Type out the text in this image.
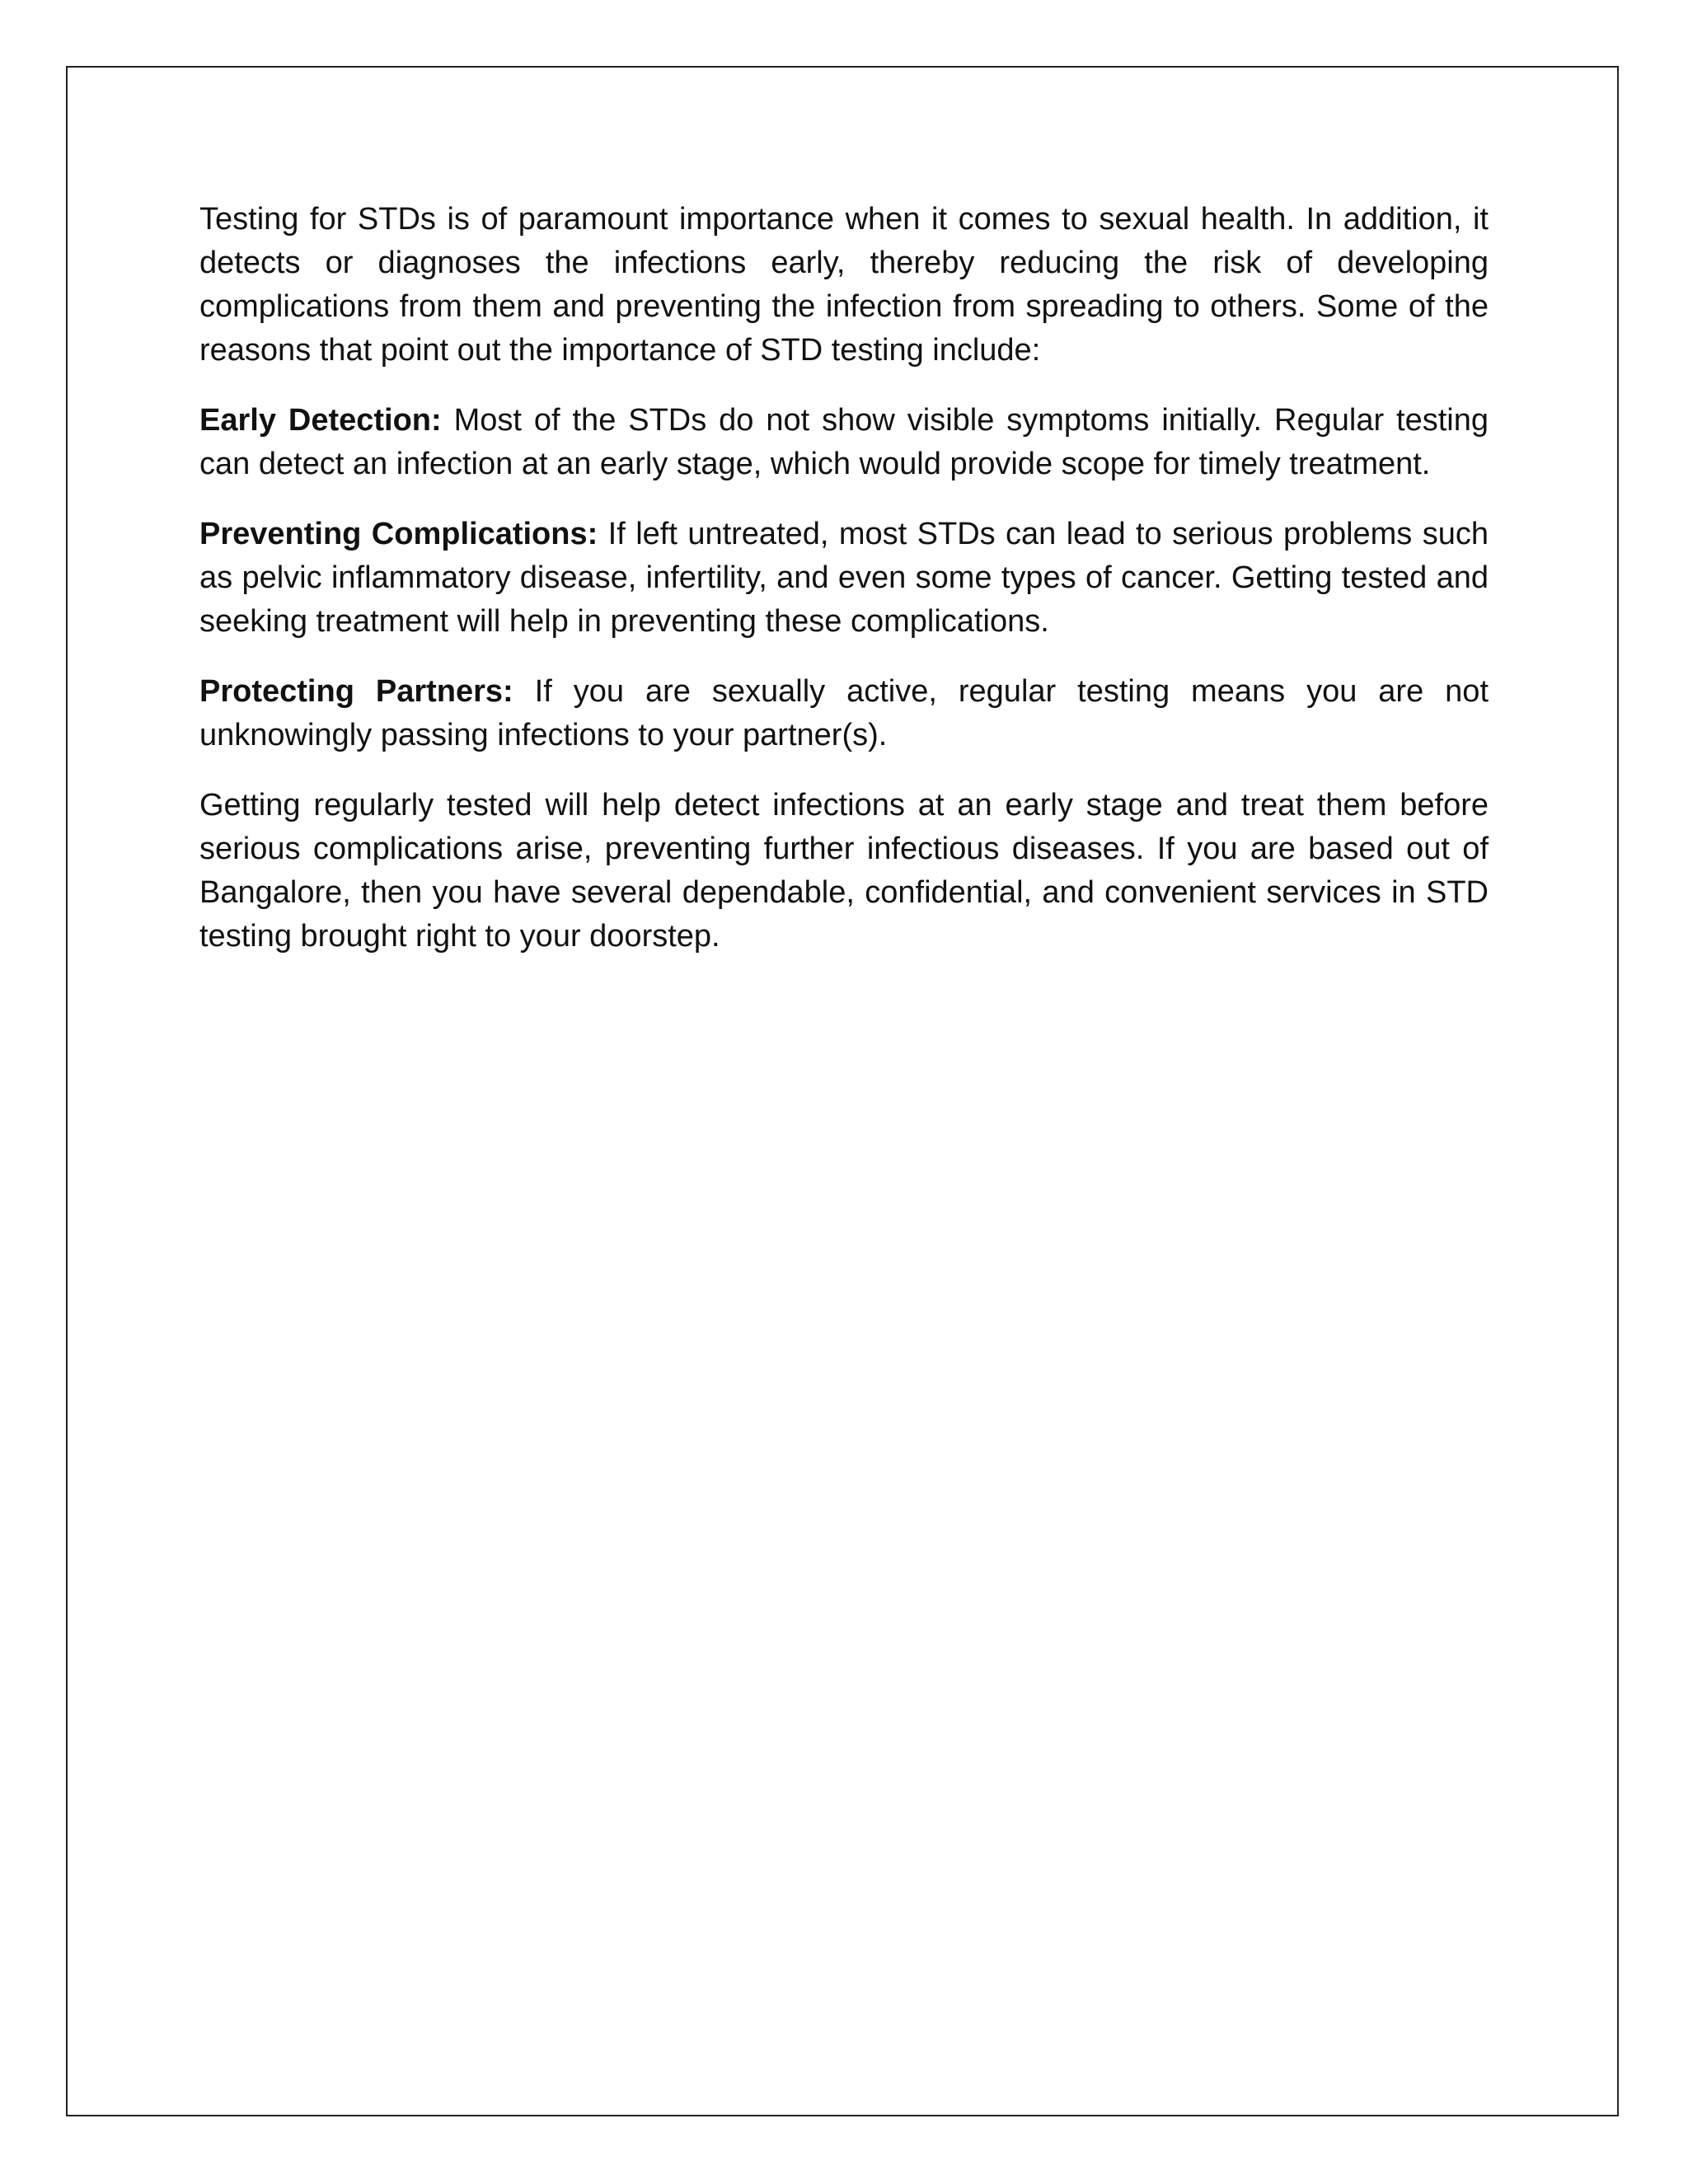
Testing for STDs is of paramount importance when it comes to sexual health. In addition, it detects or diagnoses the infections early, thereby reducing the risk of developing complications from them and preventing the infection from spreading to others. Some of the reasons that point out the importance of STD testing include:

Early Detection: Most of the STDs do not show visible symptoms initially. Regular testing can detect an infection at an early stage, which would provide scope for timely treatment.

Preventing Complications: If left untreated, most STDs can lead to serious problems such as pelvic inflammatory disease, infertility, and even some types of cancer. Getting tested and seeking treatment will help in preventing these complications.

Protecting Partners: If you are sexually active, regular testing means you are not unknowingly passing infections to your partner(s).

Getting regularly tested will help detect infections at an early stage and treat them before serious complications arise, preventing further infectious diseases. If you are based out of Bangalore, then you have several dependable, confidential, and convenient services in STD testing brought right to your doorstep.
